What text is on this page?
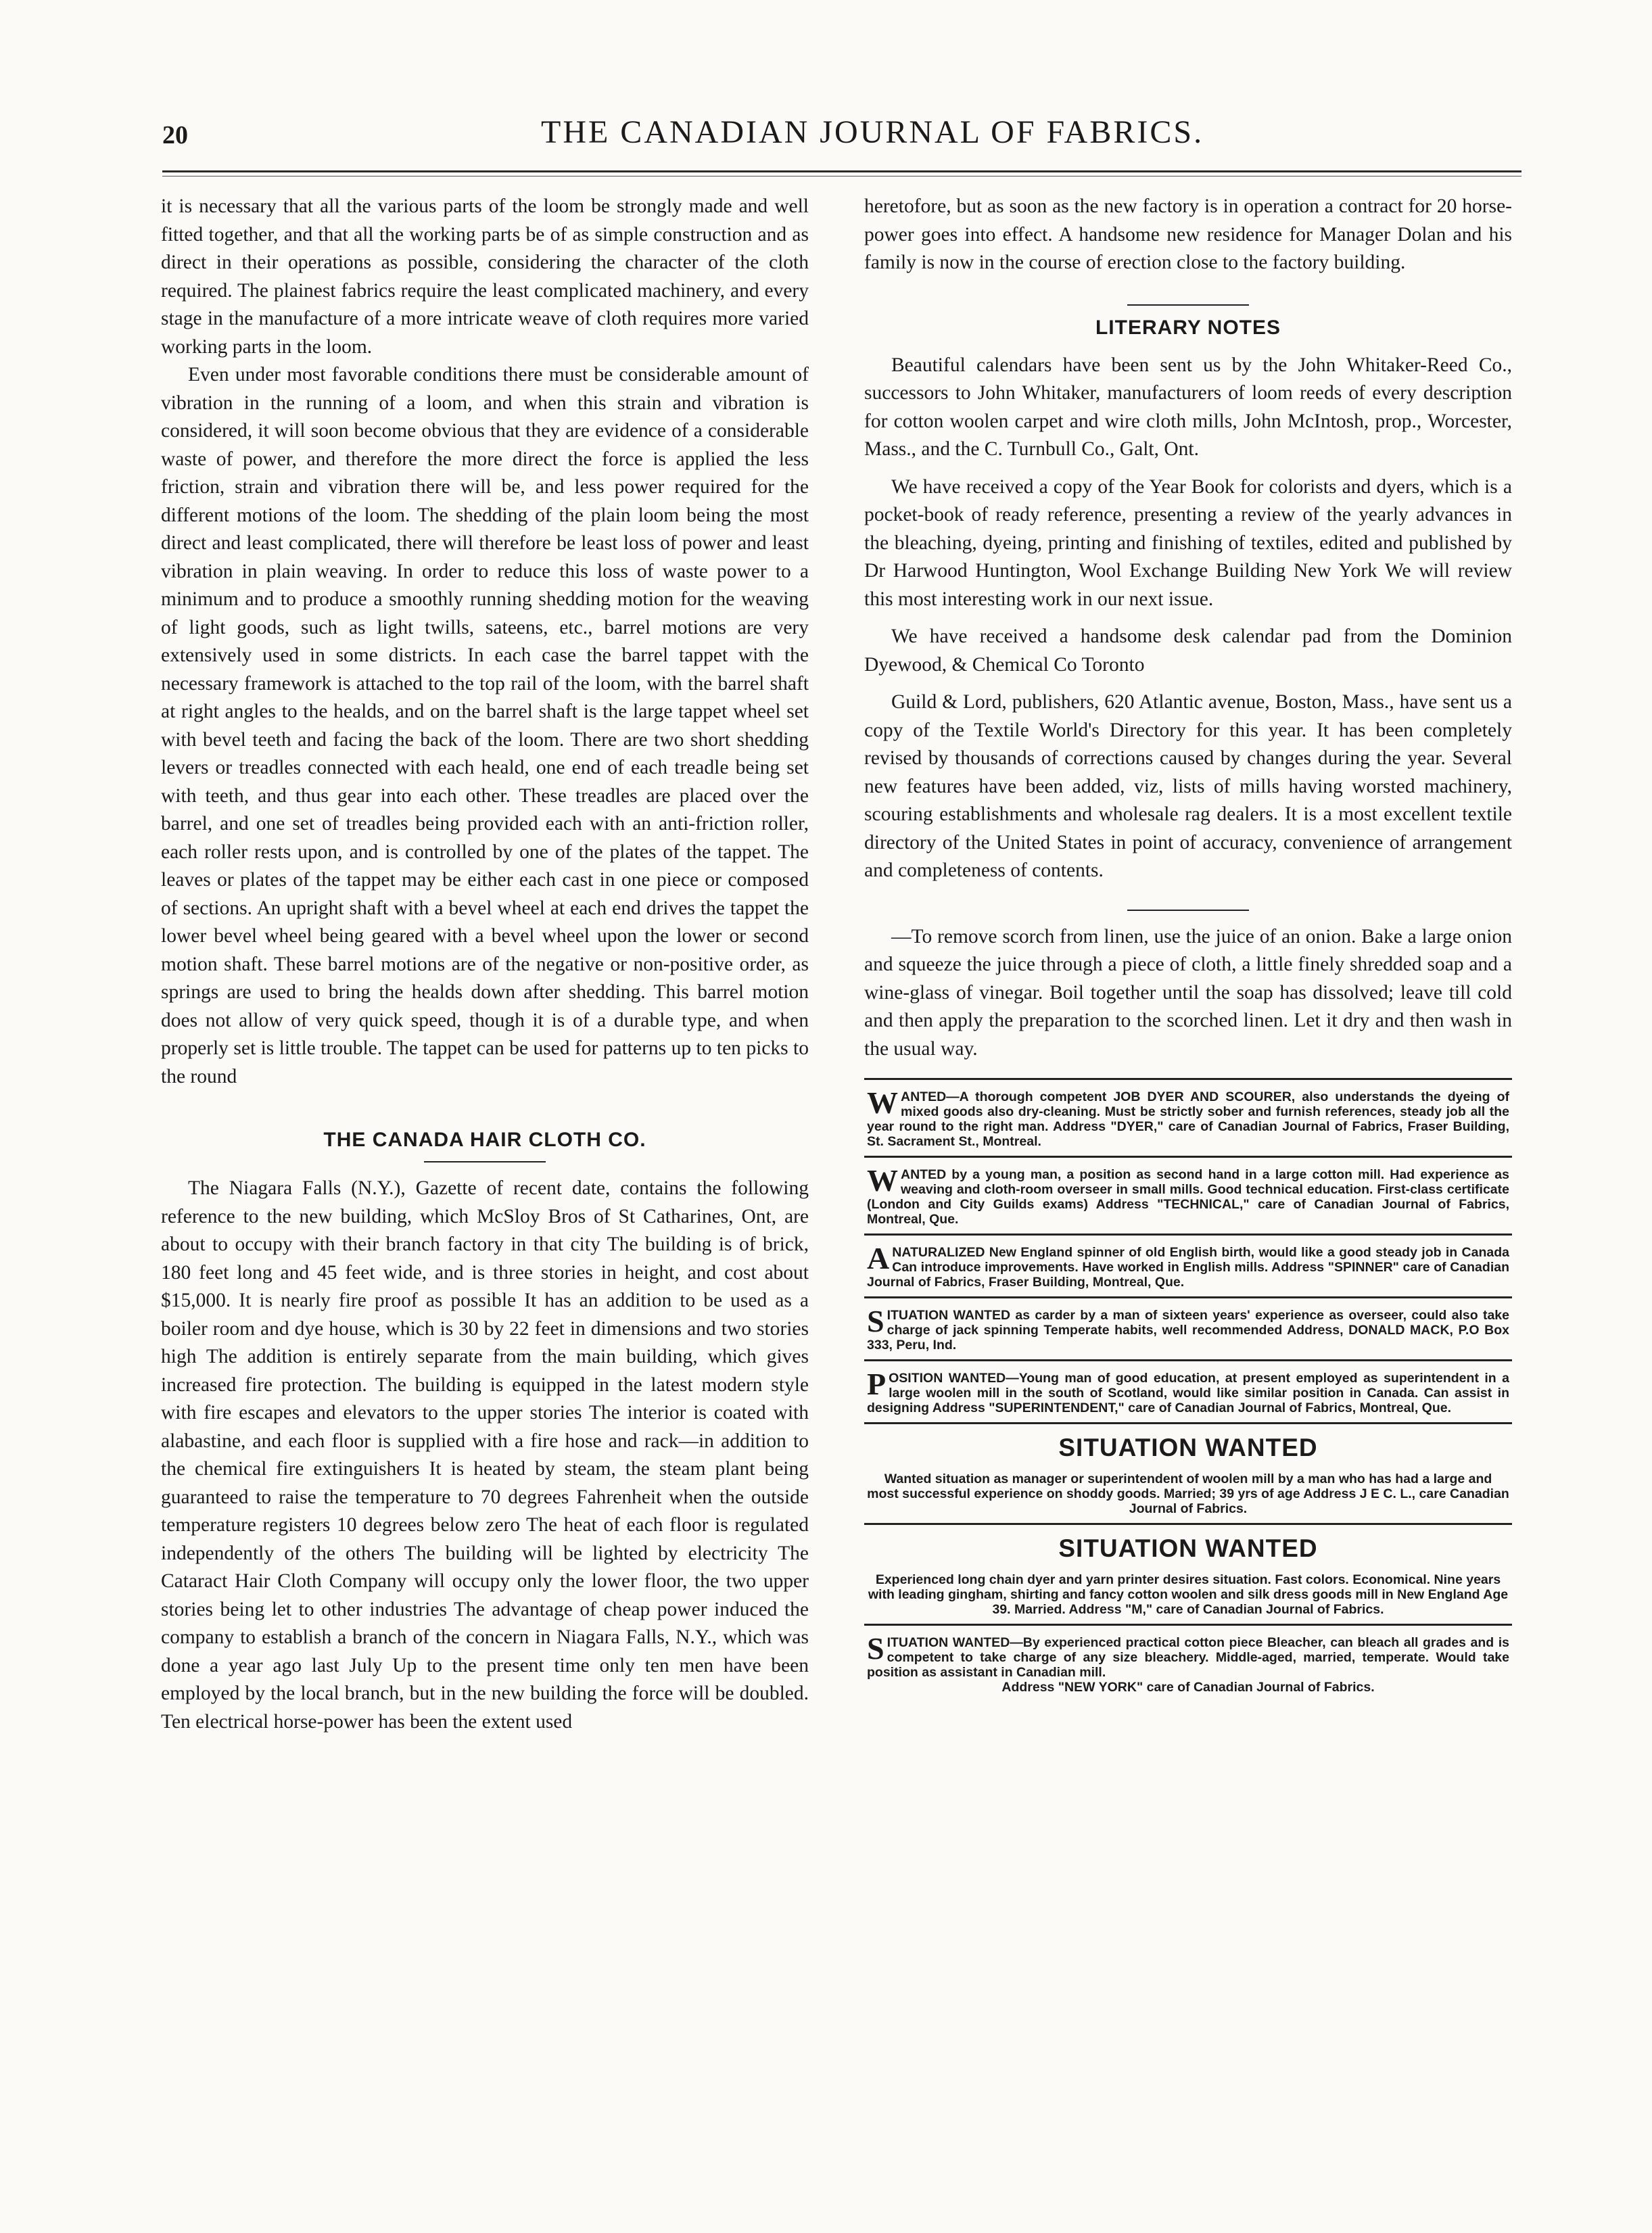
20	THE CANADIAN JOURNAL OF FABRICS.

it is necessary that all the various parts of the loom be strongly made and well fitted together, and that all the working parts be of as simple construction and as direct in their operations as possible, considering the character of the cloth required. The plainest fabrics require the least complicated machinery, and every stage in the manufacture of a more intricate weave of cloth requires more varied working parts in the loom.

Even under most favorable conditions there must be considerable amount of vibration in the running of a loom, and when this strain and vibration is considered, it will soon become obvious that they are evidence of a considerable waste of power, and therefore the more direct the force is applied the less friction, strain and vibration there will be, and less power required for the different motions of the loom. The shedding of the plain loom being the most direct and least complicated, there will therefore be least loss of power and least vibration in plain weaving. In order to reduce this loss of waste power to a minimum and to produce a smoothly running shedding motion for the weaving of light goods, such as light twills, sateens, etc., barrel motions are very extensively used in some districts. In each case the barrel tappet with the necessary framework is attached to the top rail of the loom, with the barrel shaft at right angles to the healds, and on the barrel shaft is the large tappet wheel set with bevel teeth and facing the back of the loom. There are two short shedding levers or treadles connected with each heald, one end of each treadle being set with teeth, and thus gear into each other. These treadles are placed over the barrel, and one set of treadles being provided each with an anti-friction roller, each roller rests upon, and is controlled by one of the plates of the tappet. The leaves or plates of the tappet may be either each cast in one piece or composed of sections. An upright shaft with a bevel wheel at each end drives the tappet the lower bevel wheel being geared with a bevel wheel upon the lower or second motion shaft. These barrel motions are of the negative or non-positive order, as springs are used to bring the healds down after shedding. This barrel motion does not allow of very quick speed, though it is of a durable type, and when properly set is little trouble. The tappet can be used for patterns up to ten picks to the round

THE CANADA HAIR CLOTH CO.

The Niagara Falls (N.Y.), Gazette of recent date, contains the following reference to the new building, which McSloy Bros of St Catharines, Ont, are about to occupy with their branch factory in that city The building is of brick, 180 feet long and 45 feet wide, and is three stories in height, and cost about $15,000. It is nearly fire proof as possible It has an addition to be used as a boiler room and dye house, which is 30 by 22 feet in dimensions and two stories high The addition is entirely separate from the main building, which gives increased fire protection. The building is equipped in the latest modern style with fire escapes and elevators to the upper stories The interior is coated with alabastine, and each floor is supplied with a fire hose and rack—in addition to the chemical fire extinguishers It is heated by steam, the steam plant being guaranteed to raise the temperature to 70 degrees Fahrenheit when the outside temperature registers 10 degrees below zero The heat of each floor is regulated independently of the others The building will be lighted by electricity The Cataract Hair Cloth Company will occupy only the lower floor, the two upper stories being let to other industries The advantage of cheap power induced the company to establish a branch of the concern in Niagara Falls, N.Y., which was done a year ago last July Up to the present time only ten men have been employed by the local branch, but in the new building the force will be doubled. Ten electrical horse-power has been the extent used

heretofore, but as soon as the new factory is in operation a contract for 20 horse-power goes into effect. A handsome new residence for Manager Dolan and his family is now in the course of erection close to the factory building.

LITERARY NOTES

Beautiful calendars have been sent us by the John Whitaker-Reed Co., successors to John Whitaker, manufacturers of loom reeds of every description for cotton woolen carpet and wire cloth mills, John McIntosh, prop., Worcester, Mass., and the C. Turnbull Co., Galt, Ont.

We have received a copy of the Year Book for colorists and dyers, which is a pocket-book of ready reference, presenting a review of the yearly advances in the bleaching, dyeing, printing and finishing of textiles, edited and published by Dr Harwood Huntington, Wool Exchange Building New York We will review this most interesting work in our next issue.

We have received a handsome desk calendar pad from the Dominion Dyewood, & Chemical Co Toronto

Guild & Lord, publishers, 620 Atlantic avenue, Boston, Mass., have sent us a copy of the Textile World's Directory for this year. It has been completely revised by thousands of corrections caused by changes during the year. Several new features have been added, viz, lists of mills having worsted machinery, scouring establishments and wholesale rag dealers. It is a most excellent textile directory of the United States in point of accuracy, convenience of arrangement and completeness of contents.

—To remove scorch from linen, use the juice of an onion. Bake a large onion and squeeze the juice through a piece of cloth, a little finely shredded soap and a wine-glass of vinegar. Boil together until the soap has dissolved; leave till cold and then apply the preparation to the scorched linen. Let it dry and then wash in the usual way.

WANTED—A thorough competent JOB DYER AND SCOURER, also understands the dyeing of mixed goods also dry-cleaning. Must be strictly sober and furnish references, steady job all the year round to the right man. Address "DYER," care of Canadian Journal of Fabrics, Fraser Building, St. Sacrament St., Montreal.

WANTED by a young man, a position as second hand in a large cotton mill. Had experience as weaving and cloth-room overseer in small mills. Good technical education. First-class certificate (London and City Guilds exams) Address "TECHNICAL," care of Canadian Journal of Fabrics, Montreal, Que.

ANATURALIZED New England spinner of old English birth, would like a good steady job in Canada Can introduce improvements. Have worked in English mills. Address "SPINNER" care of Canadian Journal of Fabrics, Fraser Building, Montreal, Que.

SITUATION WANTED as carder by a man of sixteen years' experience as overseer, could also take charge of jack spinning Temperate habits, well recommended Address, DONALD MACK, P.O Box 333, Peru, Ind.

POSITION WANTED—Young man of good education, at present employed as superintendent in a large woolen mill in the south of Scotland, would like similar position in Canada. Can assist in designing Address "SUPERINTENDENT," care of Canadian Journal of Fabrics, Montreal, Que.

SITUATION WANTED

Wanted situation as manager or superintendent of woolen mill by a man who has had a large and most successful experience on shoddy goods. Married; 39 yrs of age Address J E C. L., care Canadian Journal of Fabrics.

SITUATION WANTED

Experienced long chain dyer and yarn printer desires situation. Fast colors. Economical. Nine years with leading gingham, shirting and fancy cotton woolen and silk dress goods mill in New England Age 39. Married. Address "M," care of Canadian Journal of Fabrics.

SITUATION WANTED—By experienced practical cotton piece Bleacher, can bleach all grades and is competent to take charge of any size bleachery. Middle-aged, married, temperate. Would take position as assistant in Canadian mill.

Address "NEW YORK" care of Canadian Journal of Fabrics.
